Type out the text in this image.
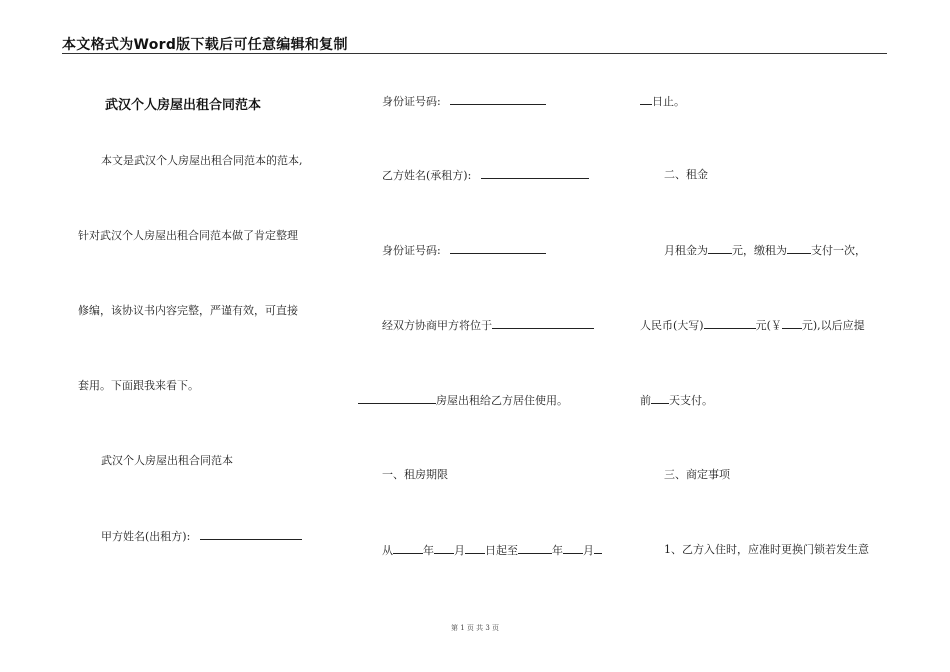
本文格式为Word版下载后可任意编辑和复制
武汉个人房屋出租合同范本
本文是武汉个人房屋出租合同范本的范本,
针对武汉个人房屋出租合同范本做了肯定整理
修编，该协议书内容完整，严谨有效，可直接
套用。下面跟我来看下。
武汉个人房屋出租合同范本
甲方姓名(出租方):
身份证号码:
乙方姓名(承租方):
身份证号码:
经双方协商甲方将位于
房屋出租给乙方居住使用。
一、租房期限
从	年 月 日起至	年 月
日止。
二、租金
月租金为 元，缴租为 支付一次，
人民币(大写)	元(￥ 元),以后应提
前 天支付。
三、商定事项
1、乙方入住时，应准时更换门锁若发生意
第 1 页 共 3 页
